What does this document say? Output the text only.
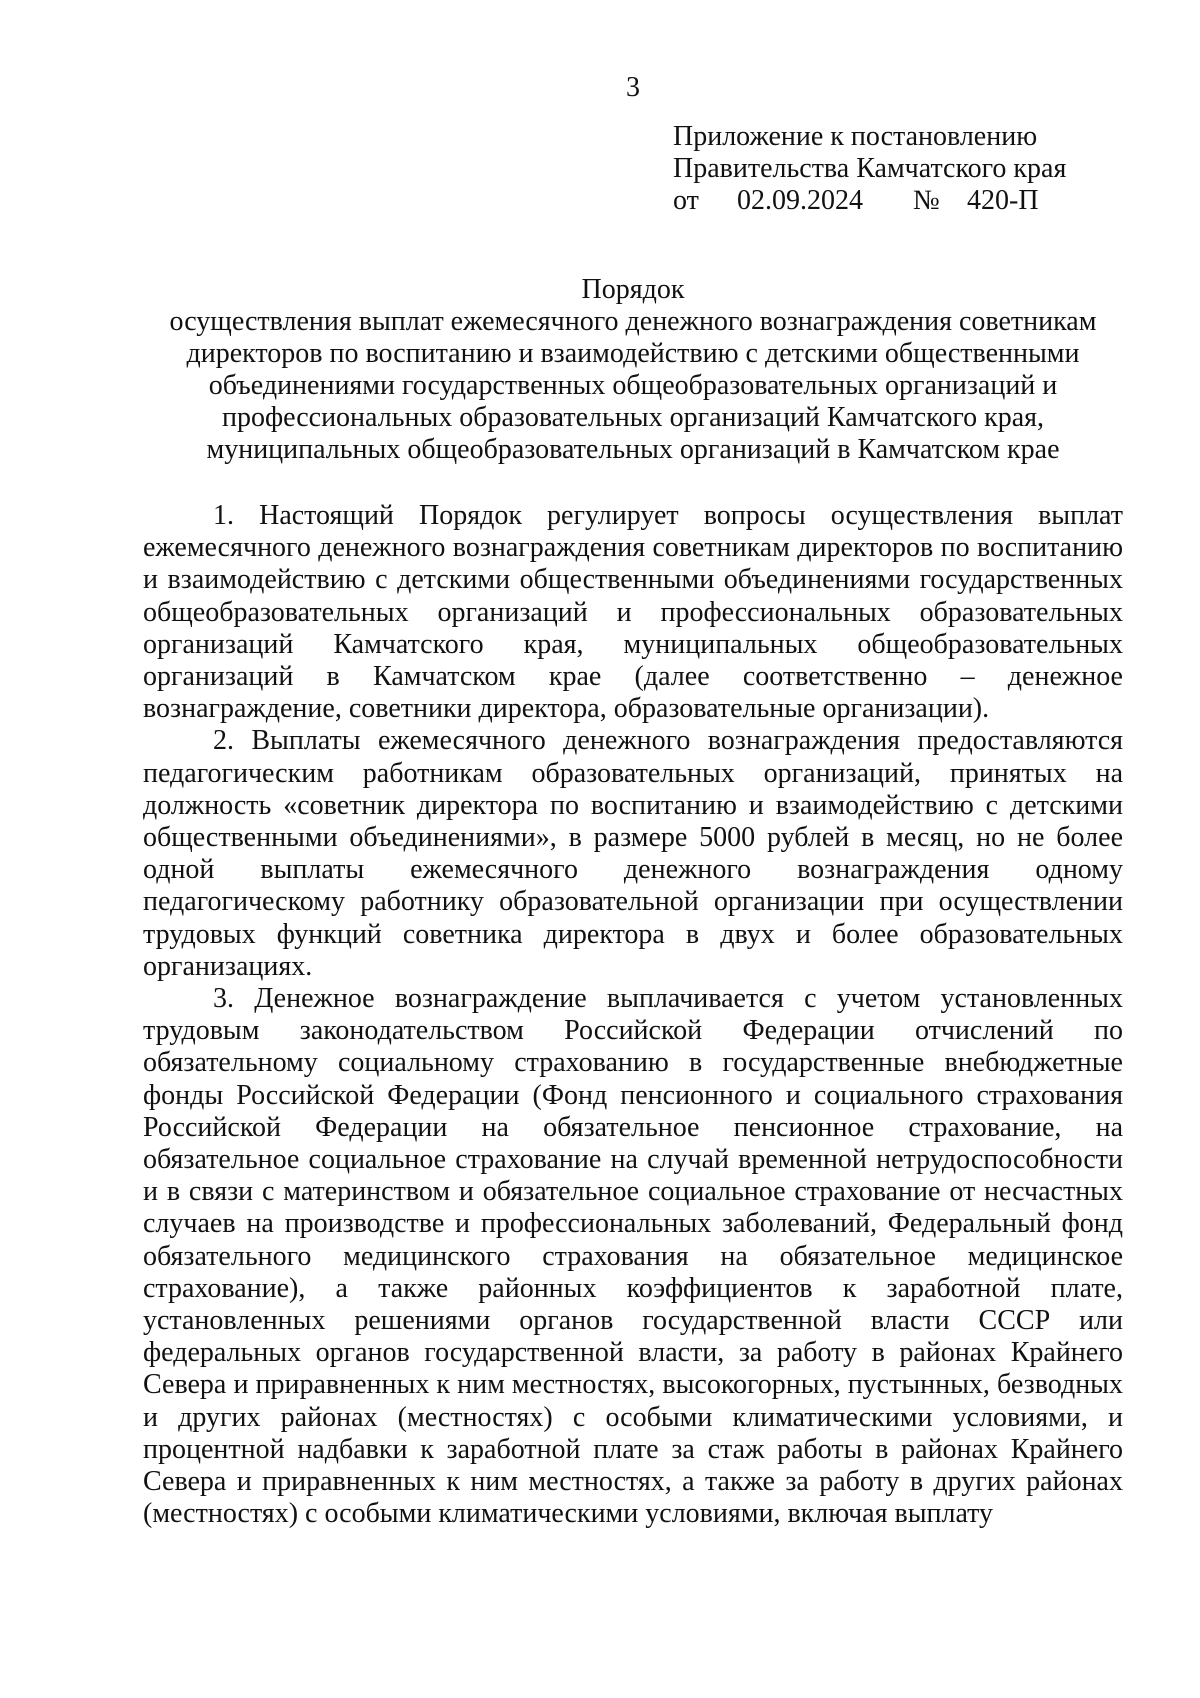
3
Приложение к постановлению
Правительства Камчатского края
от 02.09.2024 № 420-П
Порядок
осуществления выплат ежемесячного денежного вознаграждения советникам директоров по воспитанию и взаимодействию с детскими общественными объединениями государственных общеобразовательных организаций и профессиональных образовательных организаций Камчатского края, муниципальных общеобразовательных организаций в Камчатском крае

1. Настоящий Порядок регулирует вопросы осуществления выплат ежемесячного денежного вознаграждения советникам директоров по воспитанию и взаимодействию с детскими общественными объединениями государственных общеобразовательных организаций и профессиональных образовательных организаций Камчатского края, муниципальных общеобразовательных организаций в Камчатском крае (далее соответственно – денежное вознаграждение, советники директора, образовательные организации).

2. Выплаты ежемесячного денежного вознаграждения предоставляются педагогическим работникам образовательных организаций, принятых на должность «советник директора по воспитанию и взаимодействию с детскими общественными объединениями», в размере 5000 рублей в месяц, но не более одной выплаты ежемесячного денежного вознаграждения одному педагогическому работнику образовательной организации при осуществлении трудовых функций советника директора в двух и более образовательных организациях.

3. Денежное вознаграждение выплачивается с учетом установленных трудовым законодательством Российской Федерации отчислений по обязательному социальному страхованию в государственные внебюджетные фонды Российской Федерации (Фонд пенсионного и социального страхования Российской Федерации на обязательное пенсионное страхование, на обязательное социальное страхование на случай временной нетрудоспособности и в связи с материнством и обязательное социальное страхование от несчастных случаев на производстве и профессиональных заболеваний, Федеральный фонд обязательного медицинского страхования на обязательное медицинское страхование), а также районных коэффициентов к заработной плате, установленных решениями органов государственной власти СССР или федеральных органов государственной власти, за работу в районах Крайнего Севера и приравненных к ним местностях, высокогорных, пустынных, безводных и других районах (местностях) с особыми климатическими условиями, и процентной надбавки к заработной плате за стаж работы в районах Крайнего Севера и приравненных к ним местностях, а также за работу в других районах (местностях) с особыми климатическими условиями, включая выплату
